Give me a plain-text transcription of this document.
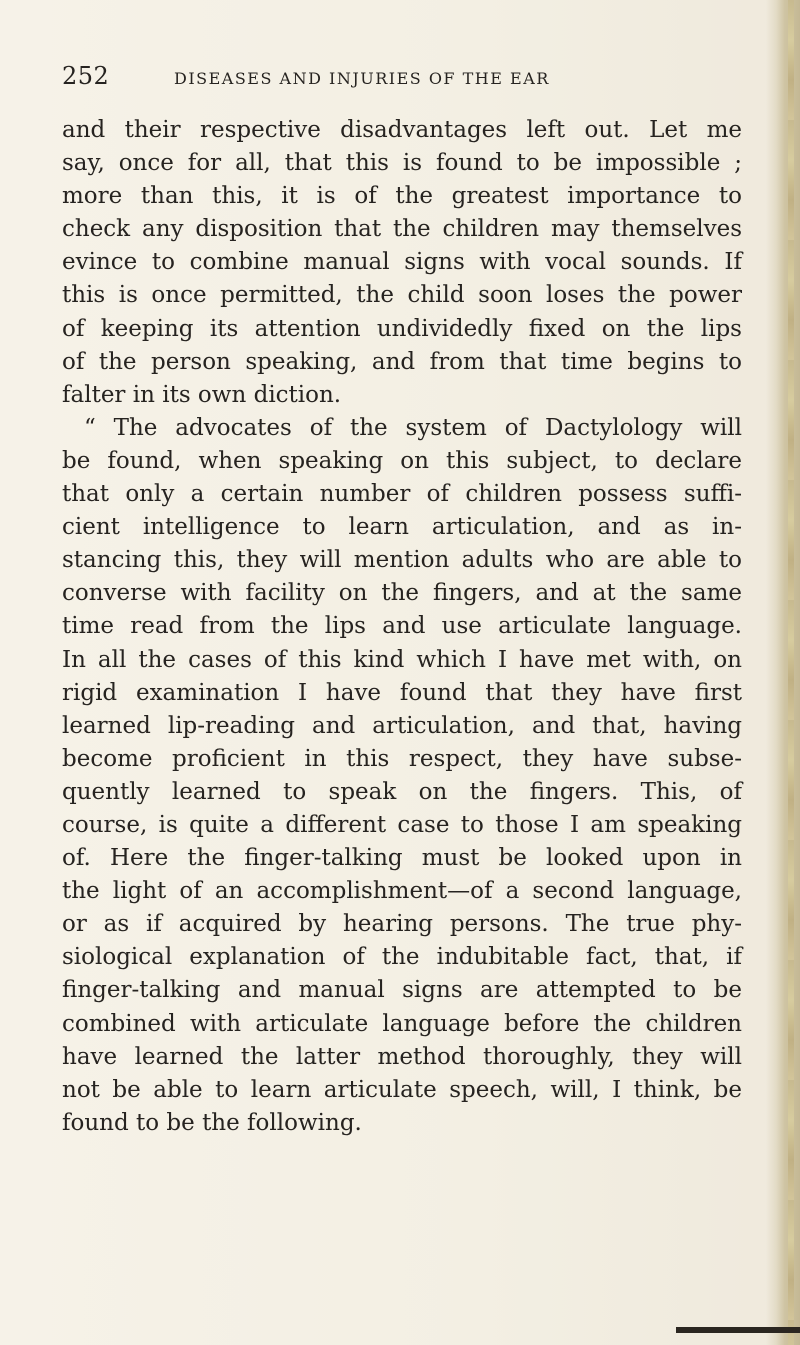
252	DISEASES AND INJURIES OF THE EAR
and their respective disadvantages left out. Let me
say, once for all, that this is found to be impossible ;
more than this, it is of the greatest importance to
check any disposition that the children may themselves
evince to combine manual signs with vocal sounds. If
this is once permitted, the child soon loses the power
of keeping its attention undividedly fixed on the lips
of the person speaking, and from that time begins to
falter in its own diction.
“ The advocates of the system of Dactylology will
be found, when speaking on this subject, to declare
that only a certain number of children possess suffi-
cient intelligence to learn articulation, and as in-
stancing this, they will mention adults who are able to
converse with facility on the fingers, and at the same
time read from the lips and use articulate language.
In all the cases of this kind which I have met with, on
rigid examination I have found that they have first
learned lip-reading and articulation, and that, having
become proficient in this respect, they have subse-
quently learned to speak on the fingers. This, of
course, is quite a different case to those I am speaking
of. Here the finger-talking must be looked upon in
the light of an accomplishment—of a second language,
or as if acquired by hearing persons. The true phy-
siological explanation of the indubitable fact, that, if
finger-talking and manual signs are attempted to be
combined with articulate language before the children
have learned the latter method thoroughly, they will
not be able to learn articulate speech, will, I think, be
found to be the following.
